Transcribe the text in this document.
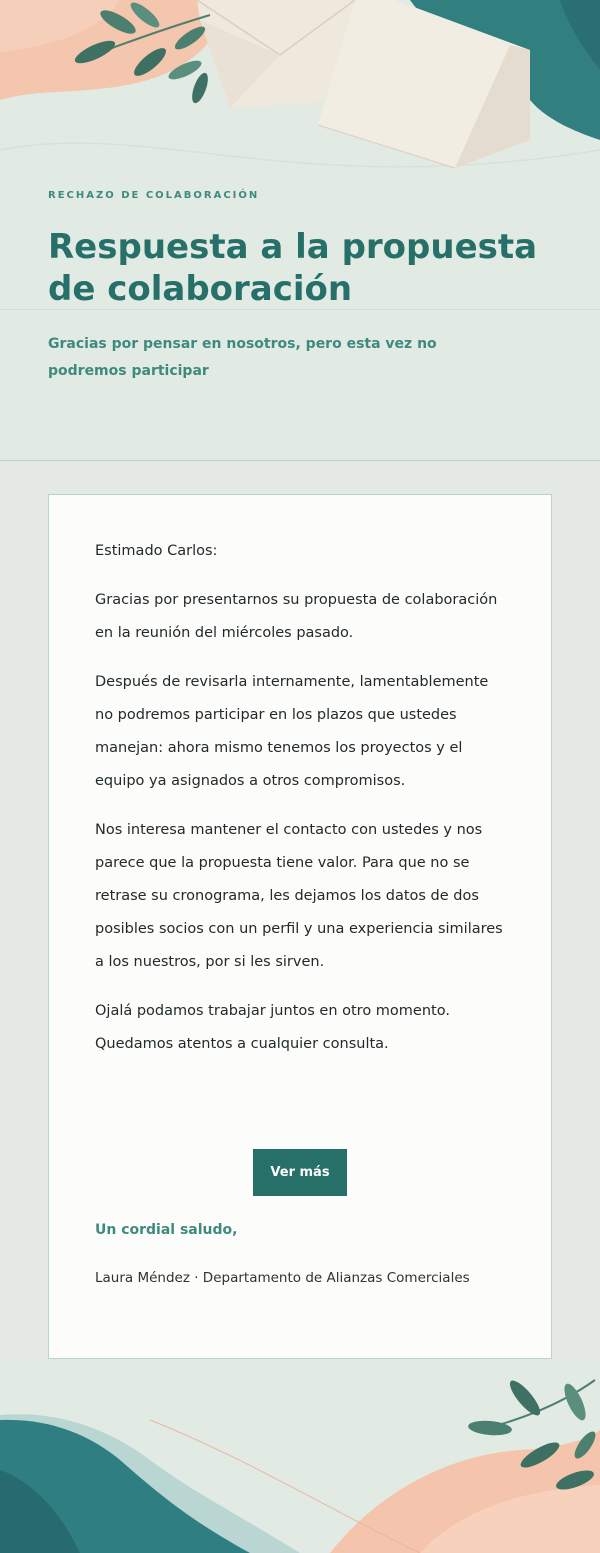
RECHAZO DE COLABORACIÓN
Respuesta a la propuesta de colaboración

Gracias por pensar en nosotros, pero esta vez no podremos participar

Estimado Carlos:

Gracias por presentarnos su propuesta de colaboración en la reunión del miércoles pasado.

Después de revisarla internamente, lamentablemente no podremos participar en los plazos que ustedes manejan: ahora mismo tenemos los proyectos y el equipo ya asignados a otros compromisos.

Nos interesa mantener el contacto con ustedes y nos parece que la propuesta tiene valor. Para que no se retrase su cronograma, les dejamos los datos de dos posibles socios con un perfil y una experiencia similares a los nuestros, por si les sirven.

Ojalá podamos trabajar juntos en otro momento. Quedamos atentos a cualquier consulta.

Ver más
Un cordial saludo,
Laura Méndez · Departamento de Alianzas Comerciales
